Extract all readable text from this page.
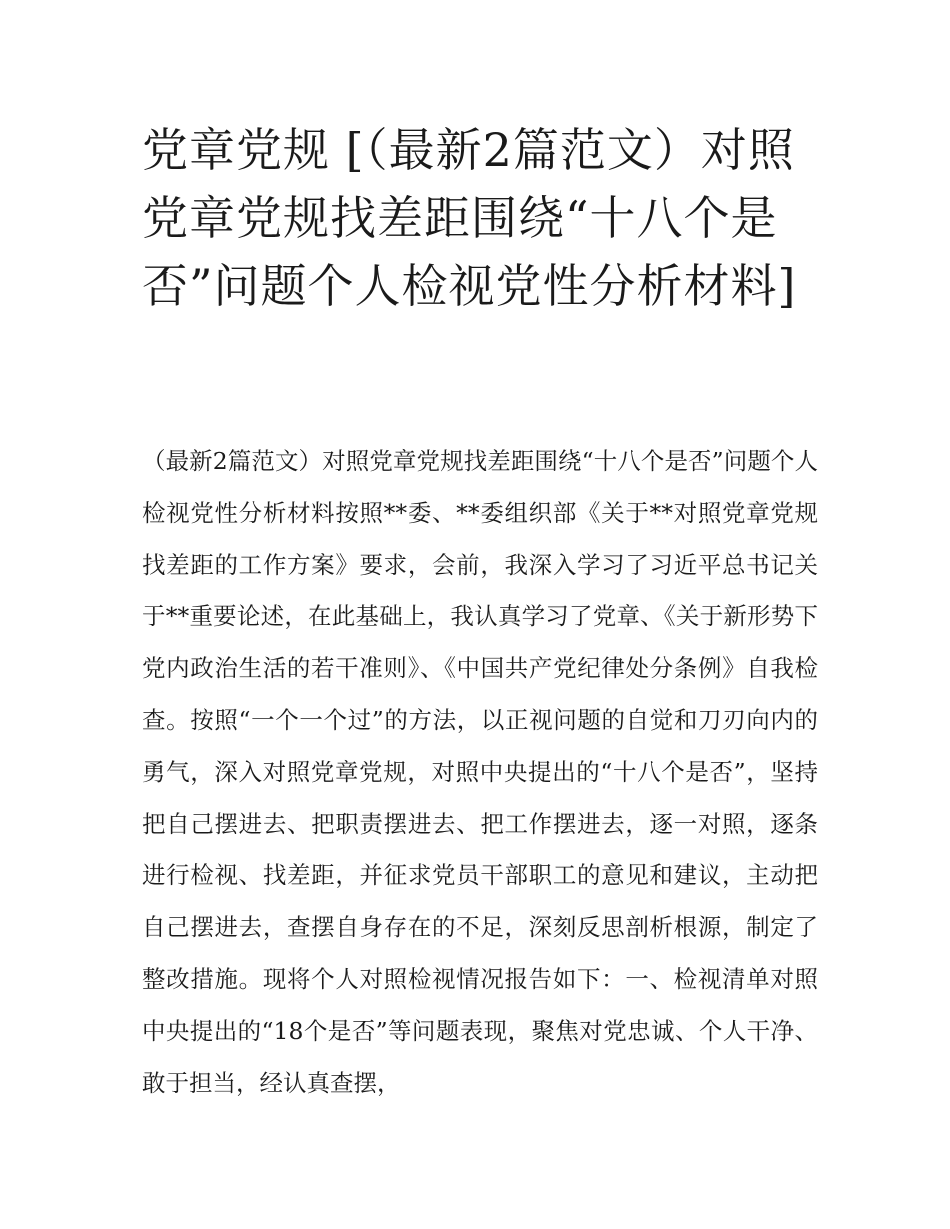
党章党规 [（最新2篇范文）对照党章党规找差距围绕“十八个是否”问题个人检视党性分析材料]

（最新2篇范文）对照党章党规找差距围绕“十八个是否”问题个人检视党性分析材料按照**委、**委组织部《关于**对照党章党规找差距的工作方案》要求，会前，我深入学习了习近平总书记关于**重要论述，在此基础上，我认真学习了党章、《关于新形势下党内政治生活的若干准则》、《中国共产党纪律处分条例》自我检查。按照“一个一个过”的方法，以正视问题的自觉和刀刃向内的勇气，深入对照党章党规，对照中央提出的“十八个是否”，坚持把自己摆进去、把职责摆进去、把工作摆进去，逐一对照，逐条进行检视、找差距，并征求党员干部职工的意见和建议，主动把自己摆进去，查摆自身存在的不足，深刻反思剖析根源，制定了整改措施。现将个人对照检视情况报告如下：一、检视清单对照中央提出的“18个是否”等问题表现，聚焦对党忠诚、个人干净、敢于担当，经认真查摆，
